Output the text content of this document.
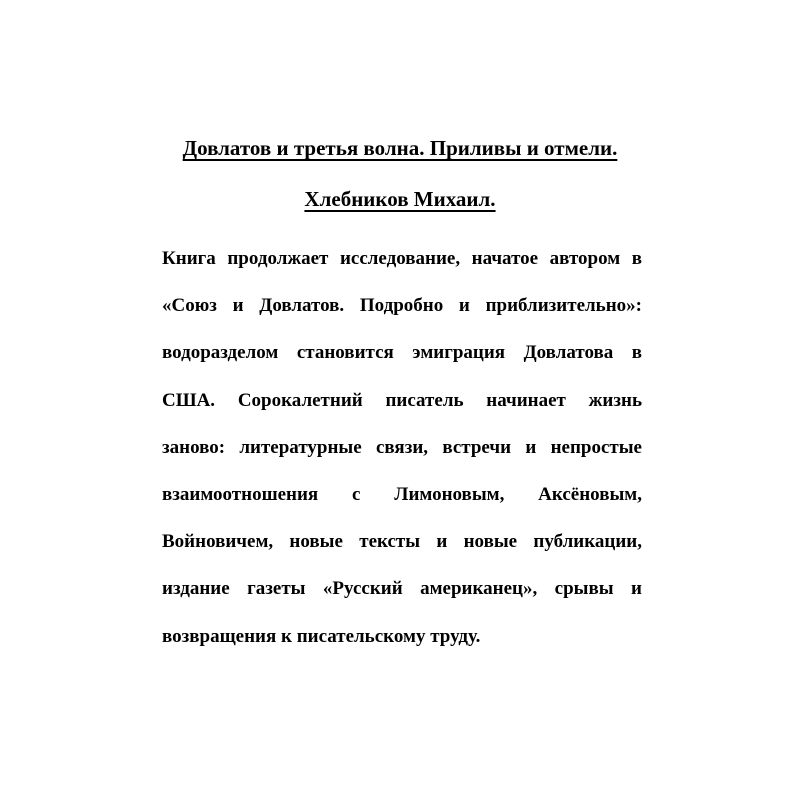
Довлатов и третья волна. Приливы и отмели.
Хлебников Михаил.
Книга продолжает исследование, начатое автором в
«Союз и Довлатов. Подробно и приблизительно»:
водоразделом становится эмиграция Довлатова в
США. Сорокалетний писатель начинает жизнь
заново: литературные связи, встречи и непростые
взаимоотношения с Лимоновым, Аксёновым,
Войновичем, новые тексты и новые публикации,
издание газеты «Русский американец», срывы и
возвращения к писательскому труду.
